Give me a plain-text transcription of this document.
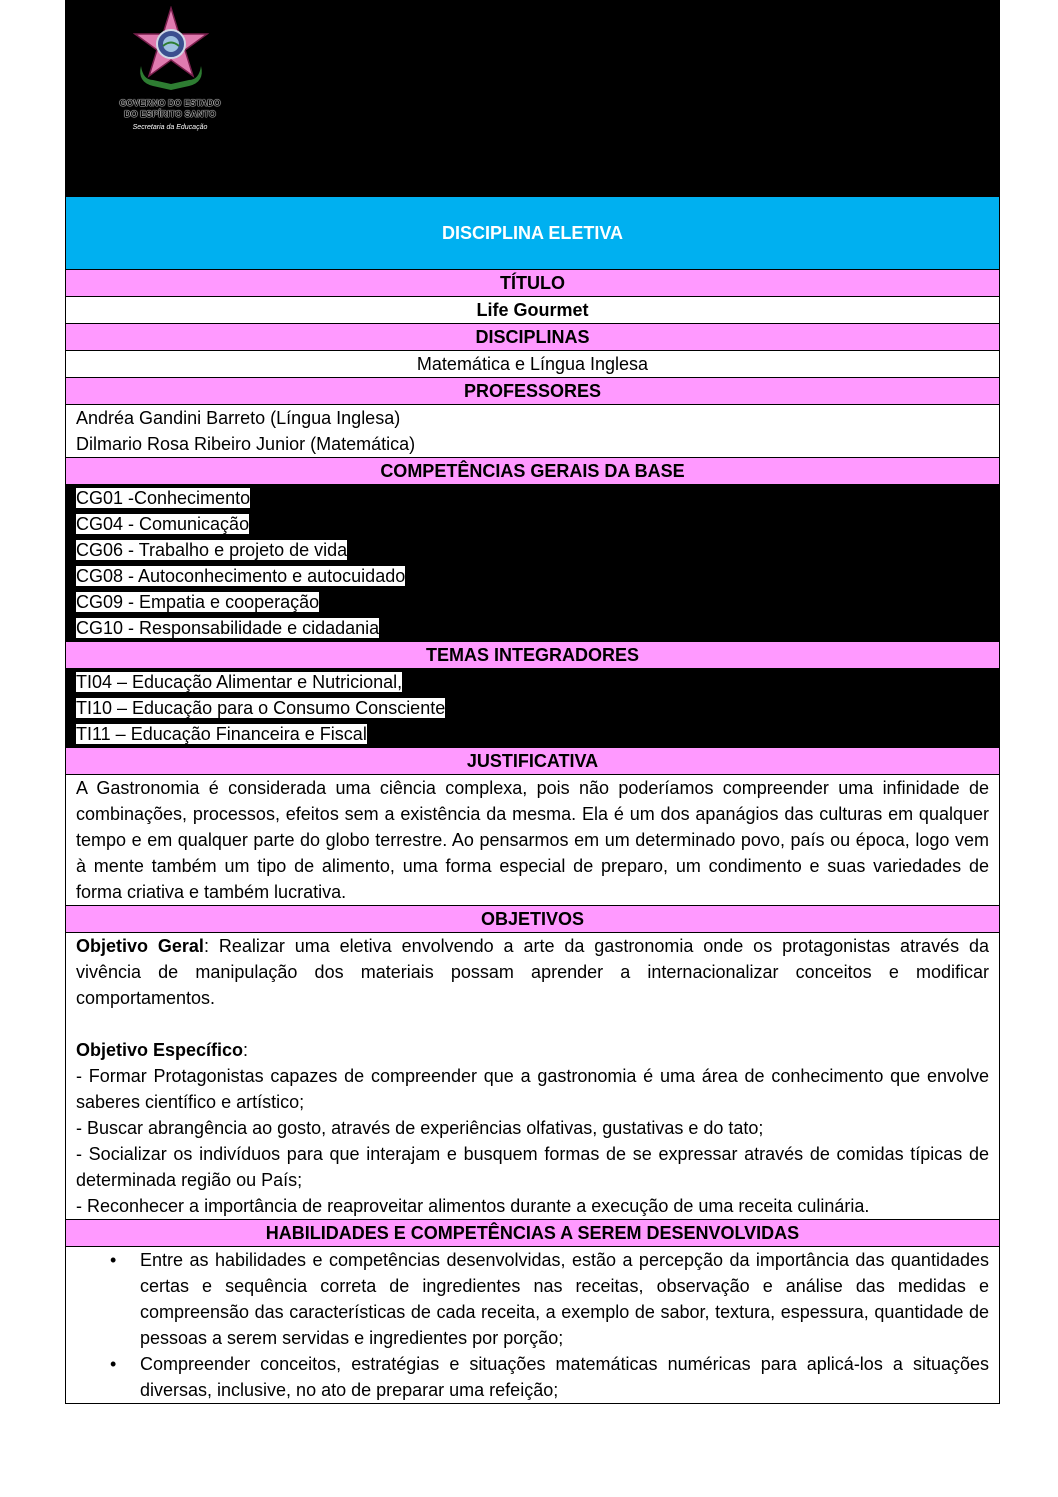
GOVERNO DO ESTADO
DO ESPÍRITO SANTO
Secretaria da Educação
DISCIPLINA ELETIVA
TÍTULO
Life Gourmet
DISCIPLINAS
Matemática e Língua Inglesa
PROFESSORES

Andréa Gandini Barreto (Língua Inglesa)
Dilmario Rosa Ribeiro Junior (Matemática)

COMPETÊNCIAS GERAIS DA BASE

CG01 -Conhecimento
CG04 - Comunicação
CG06 - Trabalho e projeto de vida
CG08 - Autoconhecimento e autocuidado
CG09 - Empatia e cooperação
CG10 - Responsabilidade e cidadania

TEMAS INTEGRADORES

TI04 – Educação Alimentar e Nutricional,
TI10 – Educação para o Consumo Consciente
TI11 – Educação Financeira e Fiscal

JUSTIFICATIVA
A Gastronomia é considerada uma ciência complexa, pois não poderíamos compreender uma infinidade de combinações, processos, efeitos sem a existência da mesma. Ela é um dos apanágios das culturas em qualquer tempo e em qualquer parte do globo terrestre. Ao pensarmos em um determinado povo, país ou época, logo vem à mente também um tipo de alimento, uma forma especial de preparo, um condimento e suas variedades de forma criativa e também lucrativa.
OBJETIVOS

Objetivo Geral: Realizar uma eletiva envolvendo a arte da gastronomia onde os protagonistas através da vivência de manipulação dos materiais possam aprender a internacionalizar conceitos e modificar comportamentos.
Objetivo Específico:
- Formar Protagonistas capazes de compreender que a gastronomia é uma área de conhecimento que envolve saberes científico e artístico;
- Buscar abrangência ao gosto, através de experiências olfativas, gustativas e do tato;
- Socializar os indivíduos para que interajam e busquem formas de se expressar através de comidas típicas de determinada região ou País;
- Reconhecer a importância de reaproveitar alimentos durante a execução de uma receita culinária.

HABILIDADES E COMPETÊNCIAS A SEREM DESENVOLVIDAS

• Entre as habilidades e competências desenvolvidas, estão a percepção da importância das quantidades certas e sequência correta de ingredientes nas receitas, observação e análise das medidas e compreensão das características de cada receita, a exemplo de sabor, textura, espessura, quantidade de pessoas a serem servidas e ingredientes por porção;
• Compreender conceitos, estratégias e situações matemáticas numéricas para aplicá-los a situações diversas, inclusive, no ato de preparar uma refeição;
